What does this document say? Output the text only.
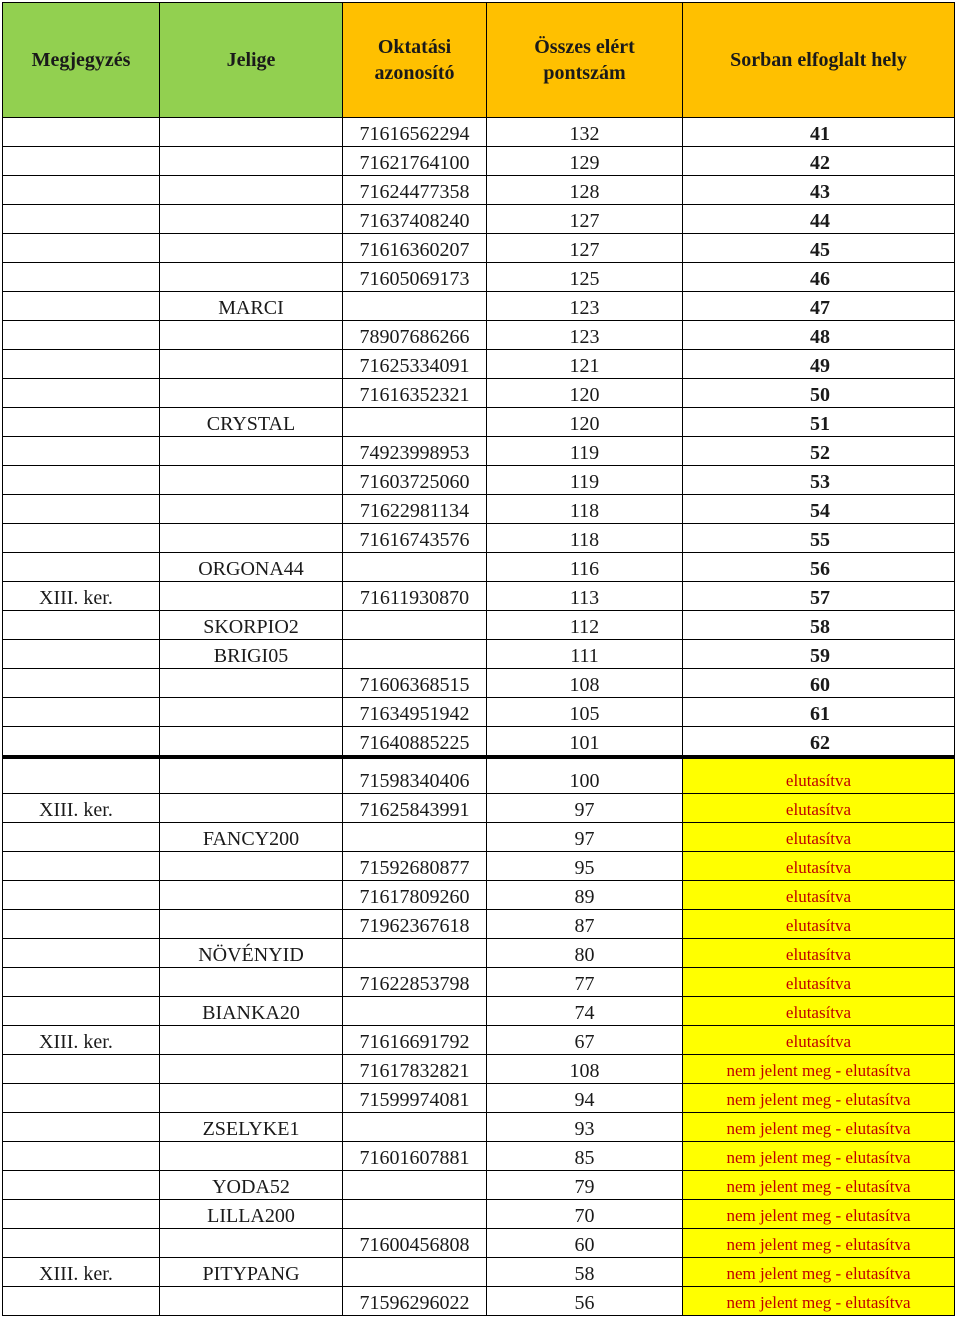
Megjegyzés	Jelige	Oktatási azonosító	Összes elért pontszám	Sorban elfoglalt hely
		71616562294	132	41
		71621764100	129	42
		71624477358	128	43
		71637408240	127	44
		71616360207	127	45
		71605069173	125	46
	MARCI		123	47
		78907686266	123	48
		71625334091	121	49
		71616352321	120	50
	CRYSTAL		120	51
		74923998953	119	52
		71603725060	119	53
		71622981134	118	54
		71616743576	118	55
	ORGONA44		116	56
XIII. ker.		71611930870	113	57
	SKORPIO2		112	58
	BRIGI05		111	59
		71606368515	108	60
		71634951942	105	61
		71640885225	101	62
		71598340406	100	elutasítva
XIII. ker.		71625843991	97	elutasítva
	FANCY200		97	elutasítva
		71592680877	95	elutasítva
		71617809260	89	elutasítva
		71962367618	87	elutasítva
	NÖVÉNYID		80	elutasítva
		71622853798	77	elutasítva
	BIANKA20		74	elutasítva
XIII. ker.		71616691792	67	elutasítva
		71617832821	108	nem jelent meg - elutasítva
		71599974081	94	nem jelent meg - elutasítva
	ZSELYKE1		93	nem jelent meg - elutasítva
		71601607881	85	nem jelent meg - elutasítva
	YODA52		79	nem jelent meg - elutasítva
	LILLA200		70	nem jelent meg - elutasítva
		71600456808	60	nem jelent meg - elutasítva
XIII. ker.	PITYPANG		58	nem jelent meg - elutasítva
		71596296022	56	nem jelent meg - elutasítva
